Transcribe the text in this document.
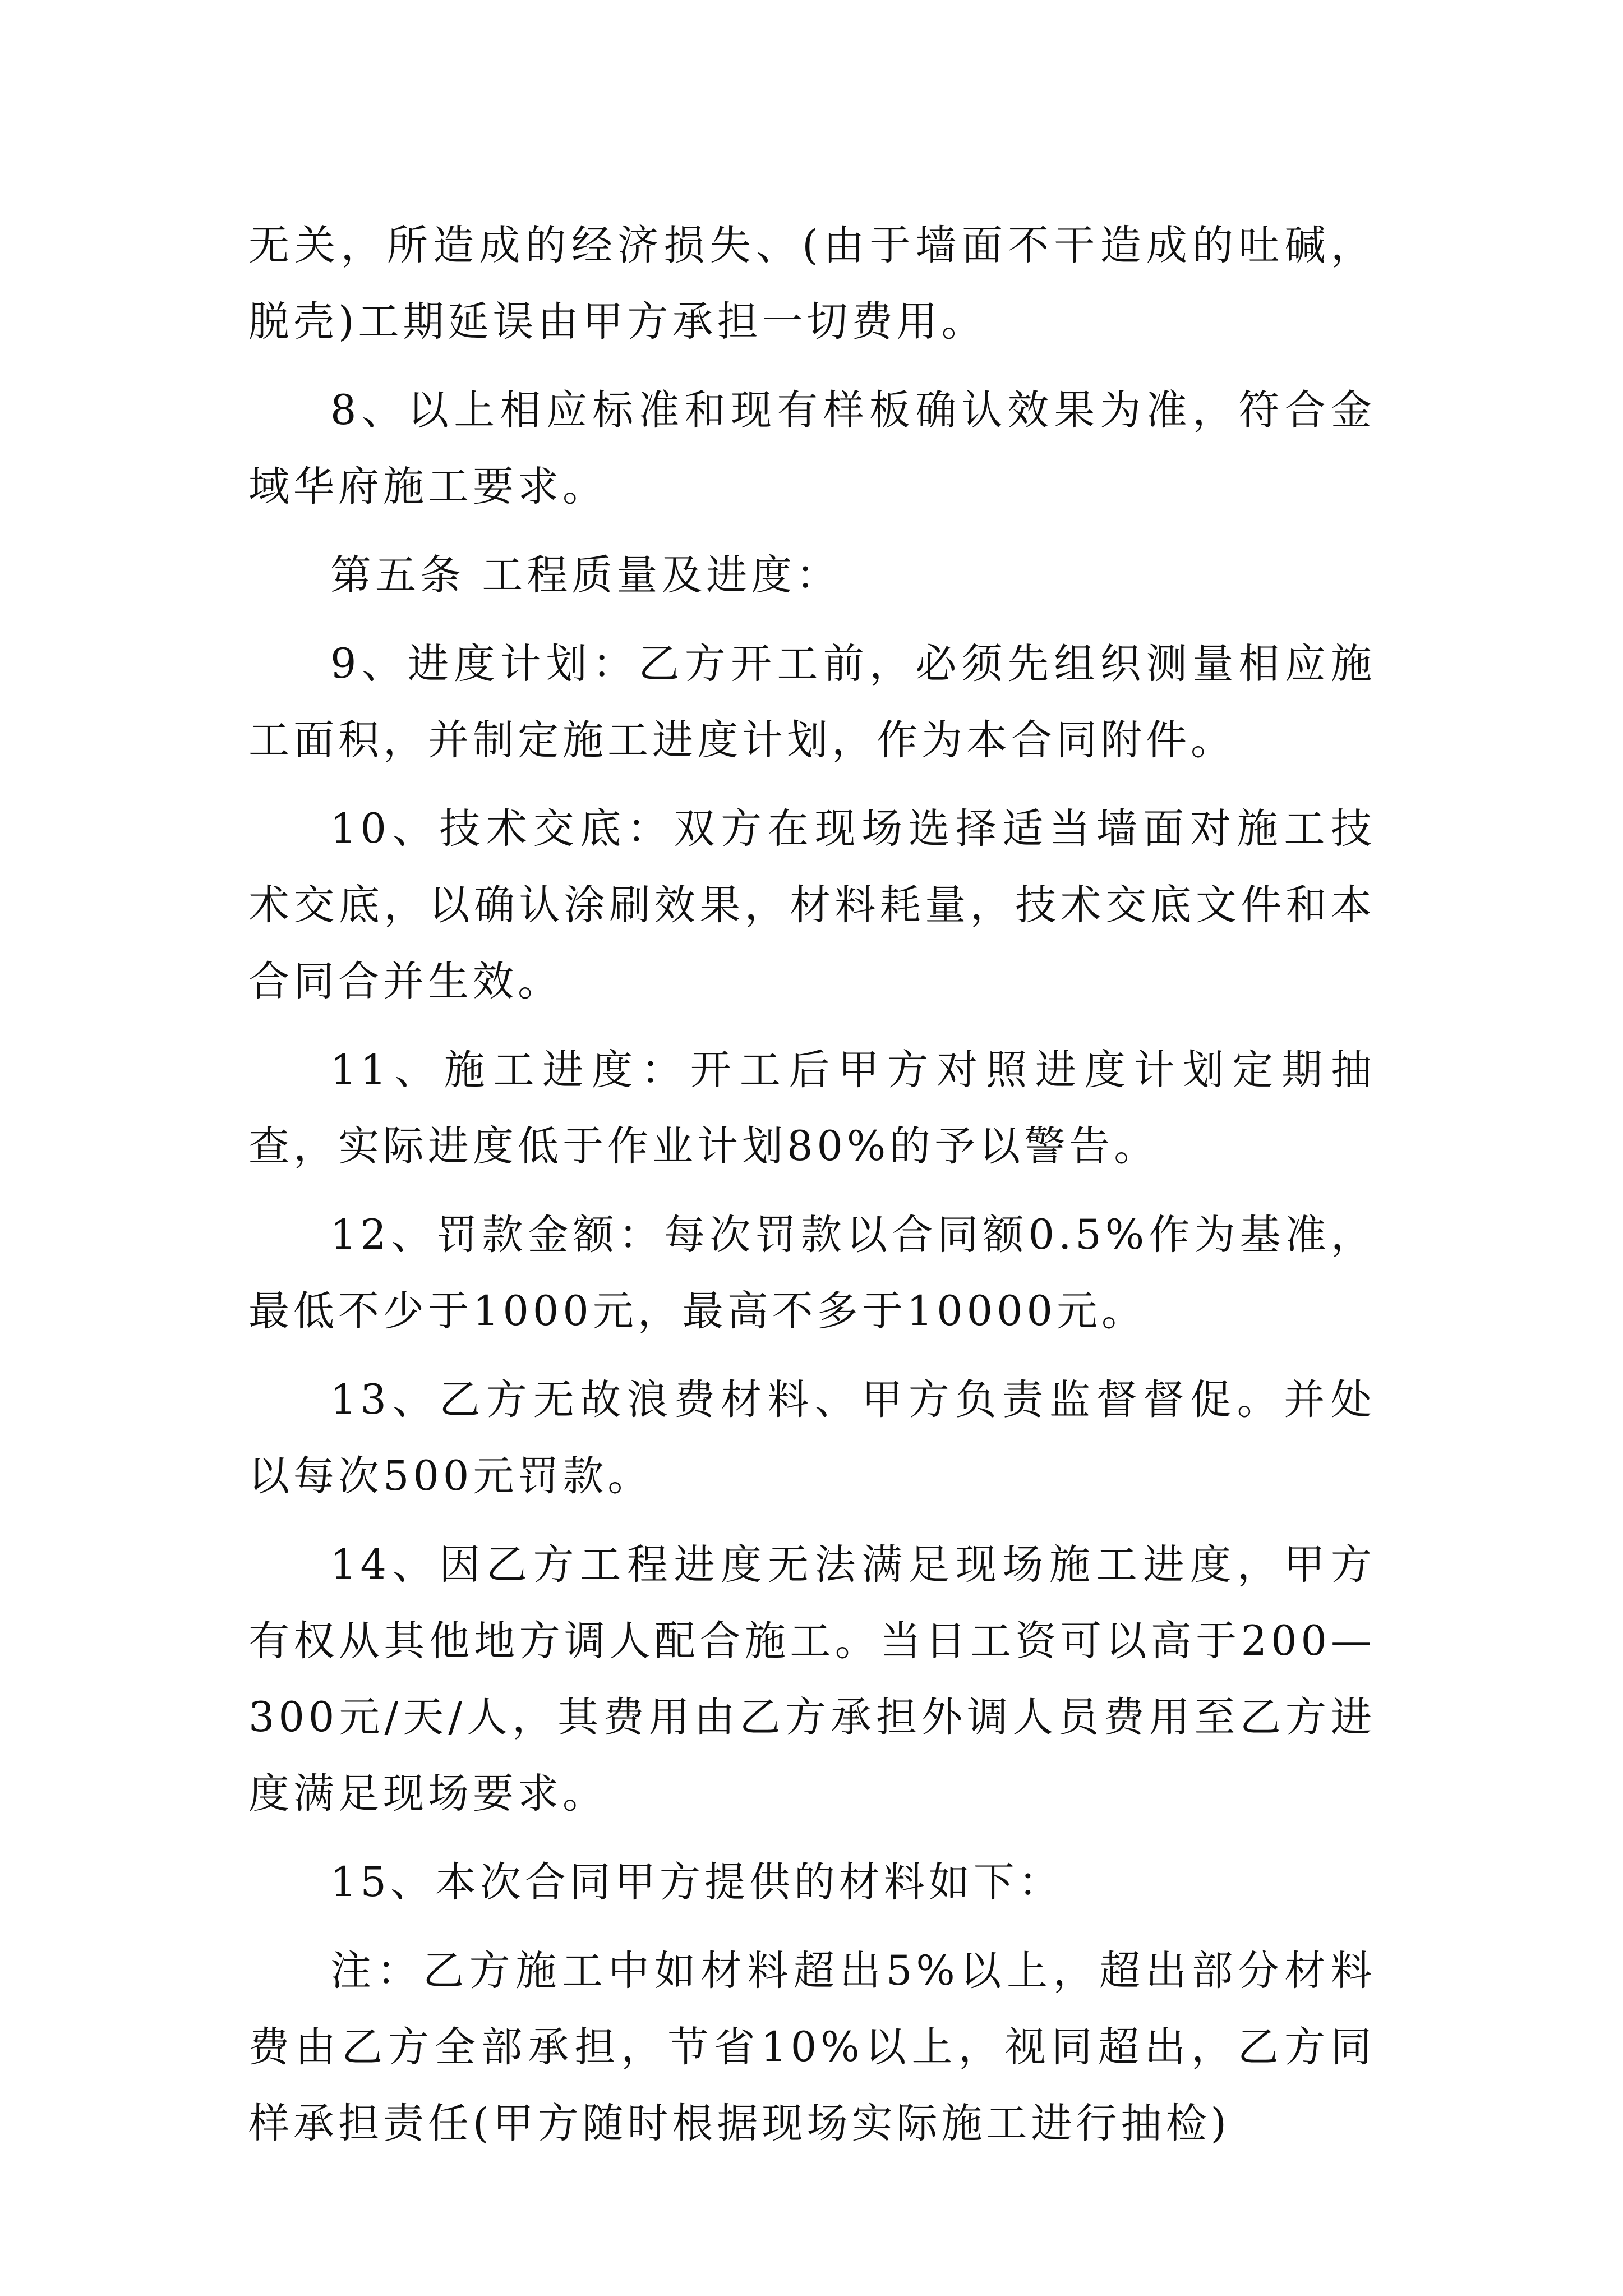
无关，所造成的经济损失、(由于墙面不干造成的吐碱，脱壳)工期延误由甲方承担一切费用。

8、以上相应标准和现有样板确认效果为准，符合金域华府施工要求。

第五条 工程质量及进度：

9、进度计划：乙方开工前，必须先组织测量相应施工面积，并制定施工进度计划，作为本合同附件。

10、技术交底：双方在现场选择适当墙面对施工技术交底，以确认涂刷效果，材料耗量，技术交底文件和本合同合并生效。

11、施工进度：开工后甲方对照进度计划定期抽查，实际进度低于作业计划80%的予以警告。

12、罚款金额：每次罚款以合同额0.5%作为基准，最低不少于1000元，最高不多于10000元。

13、乙方无故浪费材料、甲方负责监督督促。并处以每次500元罚款。

14、因乙方工程进度无法满足现场施工进度，甲方有权从其他地方调人配合施工。当日工资可以高于200—300元/天/人，其费用由乙方承担外调人员费用至乙方进度满足现场要求。

15、本次合同甲方提供的材料如下：

注：乙方施工中如材料超出5%以上，超出部分材料费由乙方全部承担，节省10%以上，视同超出，乙方同样承担责任(甲方随时根据现场实际施工进行抽检)
